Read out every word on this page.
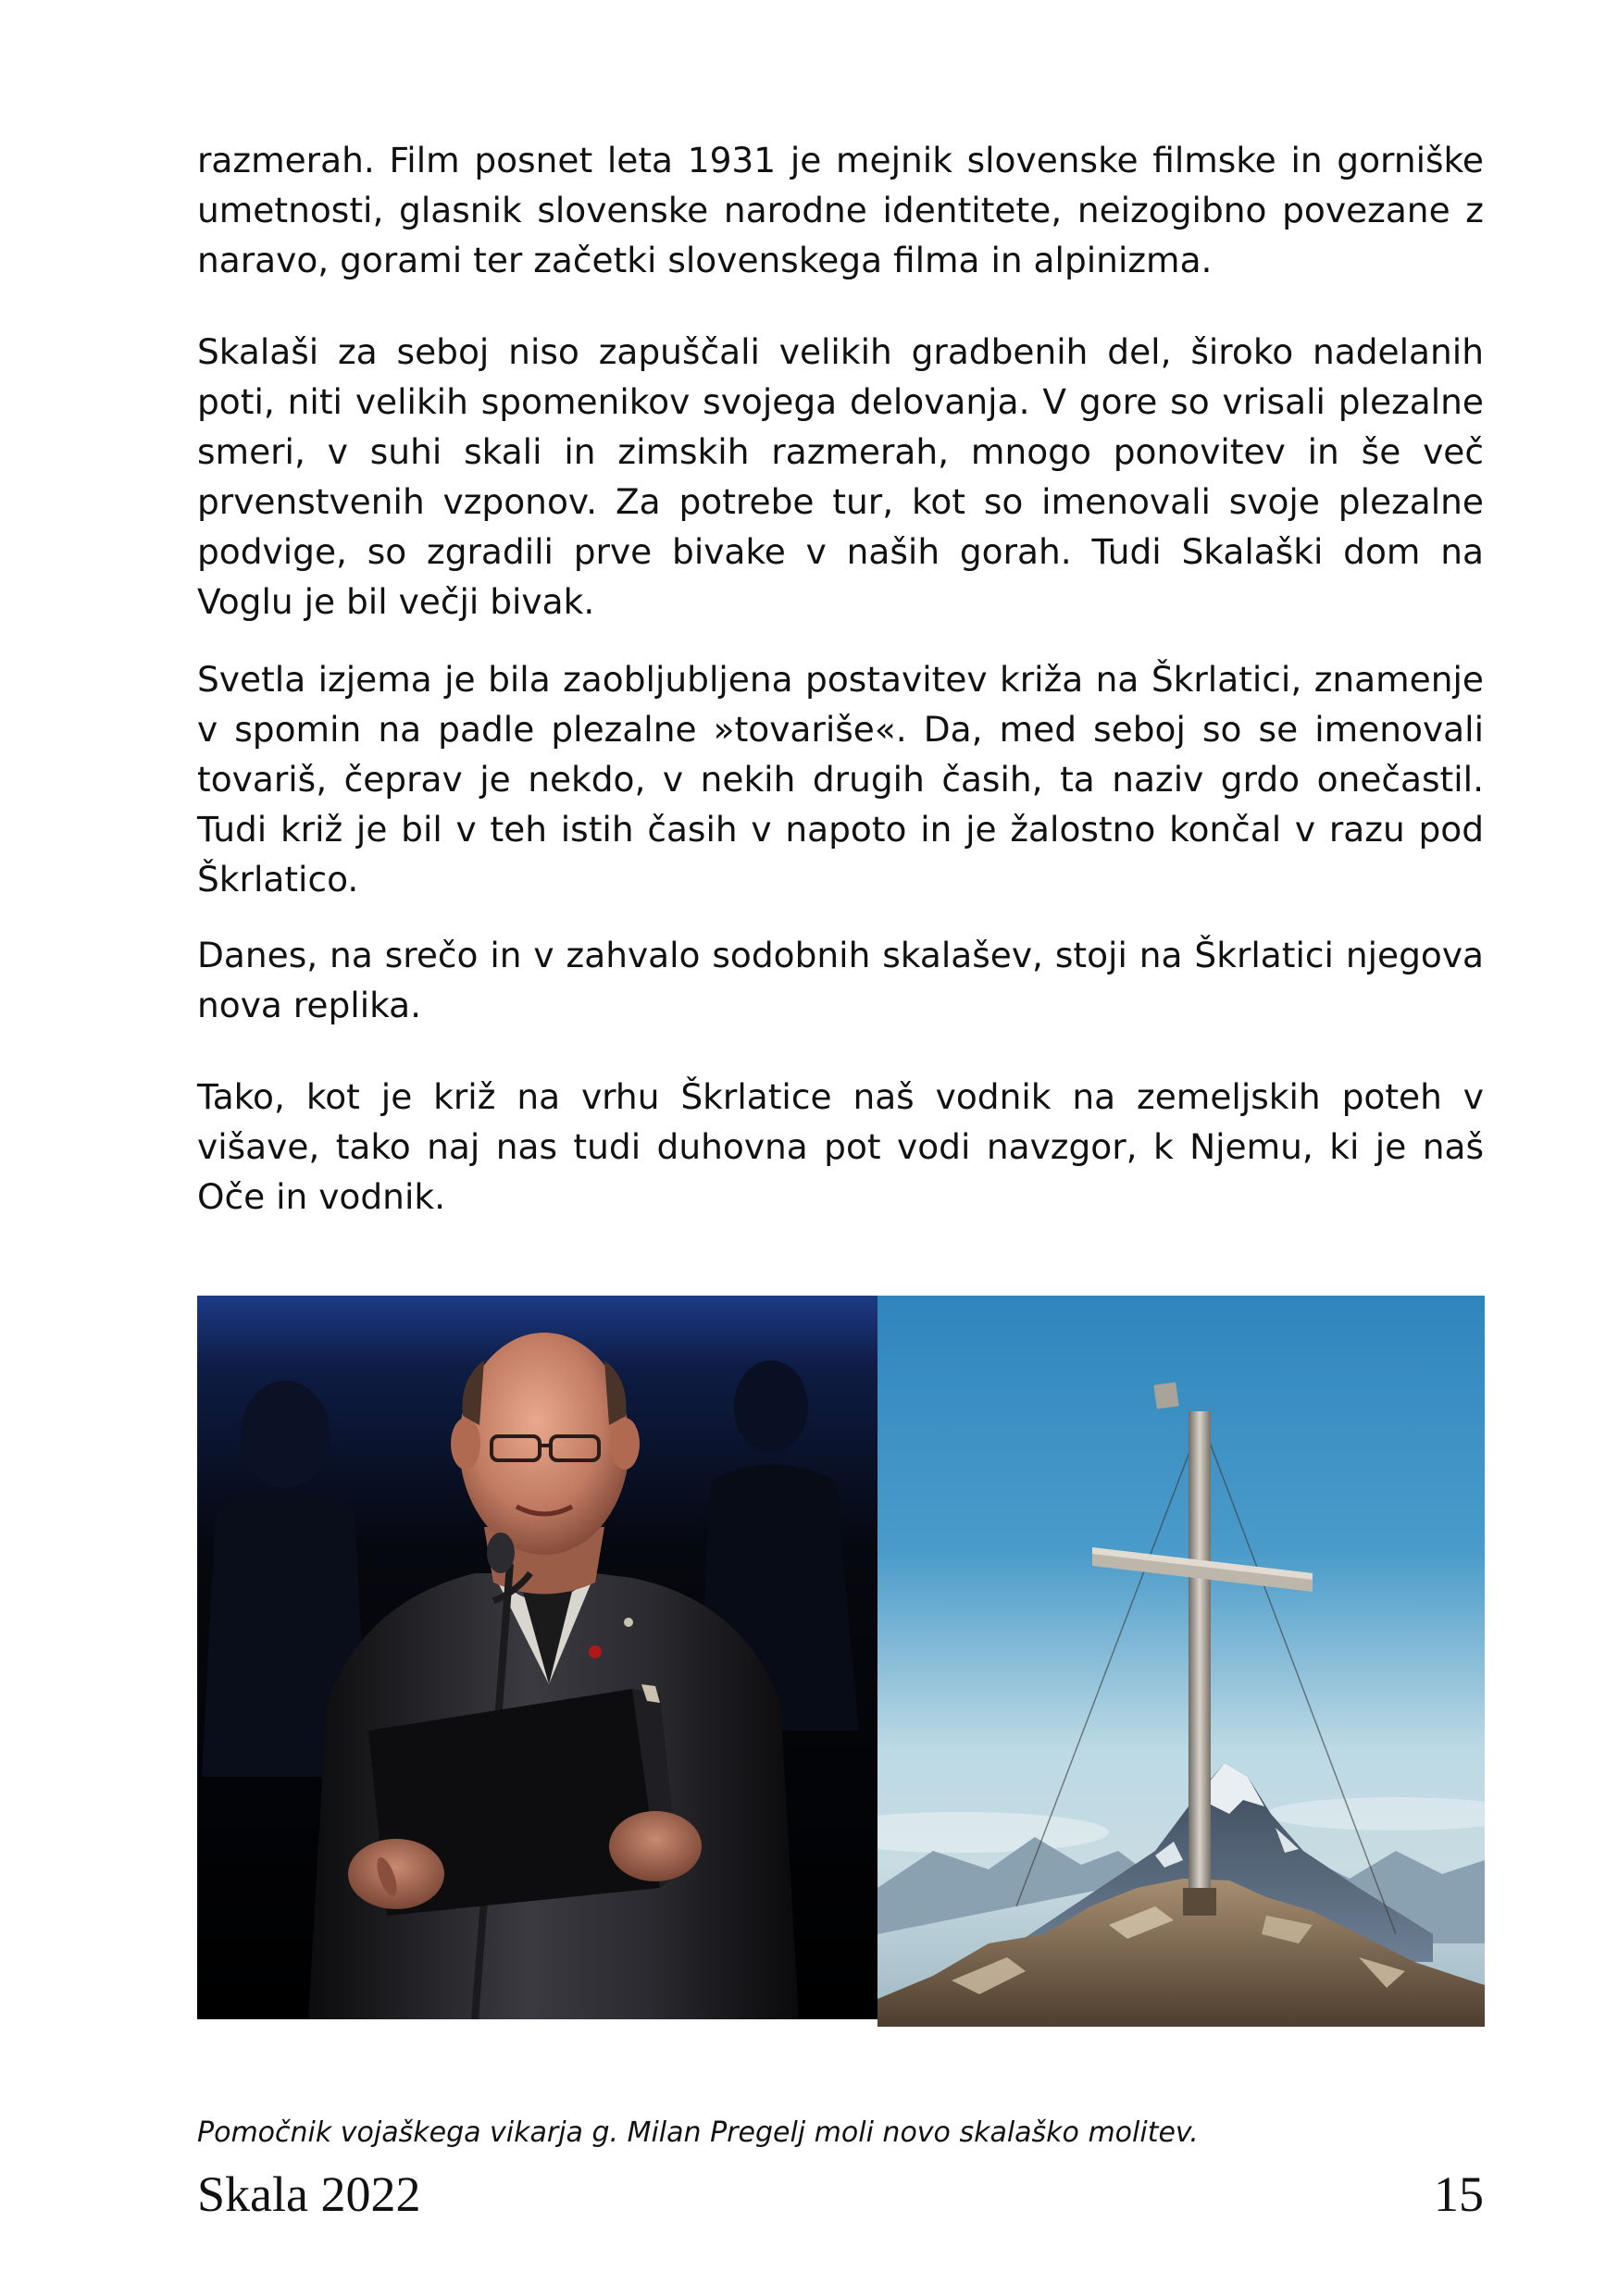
razmerah. Film posnet leta 1931 je mejnik slovenske filmske in gorniške umetnosti, glasnik slovenske narodne identitete, neizogibno povezane z naravo, gorami ter začetki slovenskega filma in alpinizma.

Skalaši za seboj niso zapuščali velikih gradbenih del, široko nadelanih poti, niti velikih spomenikov svojega delovanja. V gore so vrisali plezalne smeri, v suhi skali in zimskih razmerah, mnogo ponovitev in še več prvenstvenih vzponov. Za potrebe tur, kot so imenovali svoje plezalne podvige, so zgradili prve bivake v naših gorah. Tudi Skalaški dom na Voglu je bil večji bivak.

Svetla izjema je bila zaobljubljena postavitev križa na Škrlatici, znamenje v spomin na padle plezalne »tovariše«. Da, med seboj so se imenovali tovariš, čeprav je nekdo, v nekih drugih časih, ta naziv grdo onečastil. Tudi križ je bil v teh istih časih v napoto in je žalostno končal v razu pod Škrlatico.

Danes, na srečo in v zahvalo sodobnih skalašev, stoji na Škrlatici njegova nova replika.

Tako, kot je križ na vrhu Škrlatice naš vodnik na zemeljskih poteh v višave, tako naj nas tudi duhovna pot vodi navzgor, k Njemu, ki je naš Oče in vodnik.

Pomočnik vojaškega vikarja g. Milan Pregelj moli novo skalaško molitev.
Skala 2022	15
